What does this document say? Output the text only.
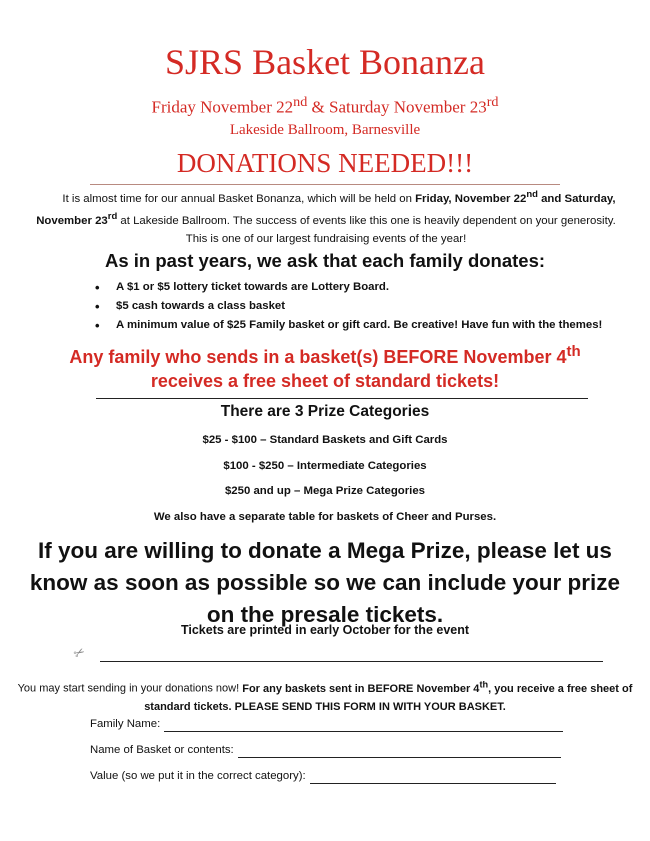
SJRS Basket Bonanza
Friday November 22nd & Saturday November 23rd
Lakeside Ballroom, Barnesville
DONATIONS NEEDED!!!

It is almost time for our annual Basket Bonanza, which will be held on Friday, November 22nd and Saturday, November 23rd at Lakeside Ballroom. The success of events like this one is heavily dependent on your generosity. This is one of our largest fundraising events of the year!

As in past years, we ask that each family donates:
• A $1 or $5 lottery ticket towards are Lottery Board.
• $5 cash towards a class basket
• A minimum value of $25 Family basket or gift card. Be creative! Have fun with the themes!
Any family who sends in a basket(s) BEFORE November 4th
receives a free sheet of standard tickets!
There are 3 Prize Categories
$25 - $100 – Standard Baskets and Gift Cards
$100 - $250 – Intermediate Categories
$250 and up – Mega Prize Categories
We also have a separate table for baskets of Cheer and Purses.
If you are willing to donate a Mega Prize, please let us
know as soon as possible so we can include your prize
on the presale tickets.
Tickets are printed in early October for the event
✂
You may start sending in your donations now! For any baskets sent in BEFORE November 4th, you receive a free sheet of standard tickets. PLEASE SEND THIS FORM IN WITH YOUR BASKET.
Family Name:
Name of Basket or contents:
Value (so we put it in the correct category):
